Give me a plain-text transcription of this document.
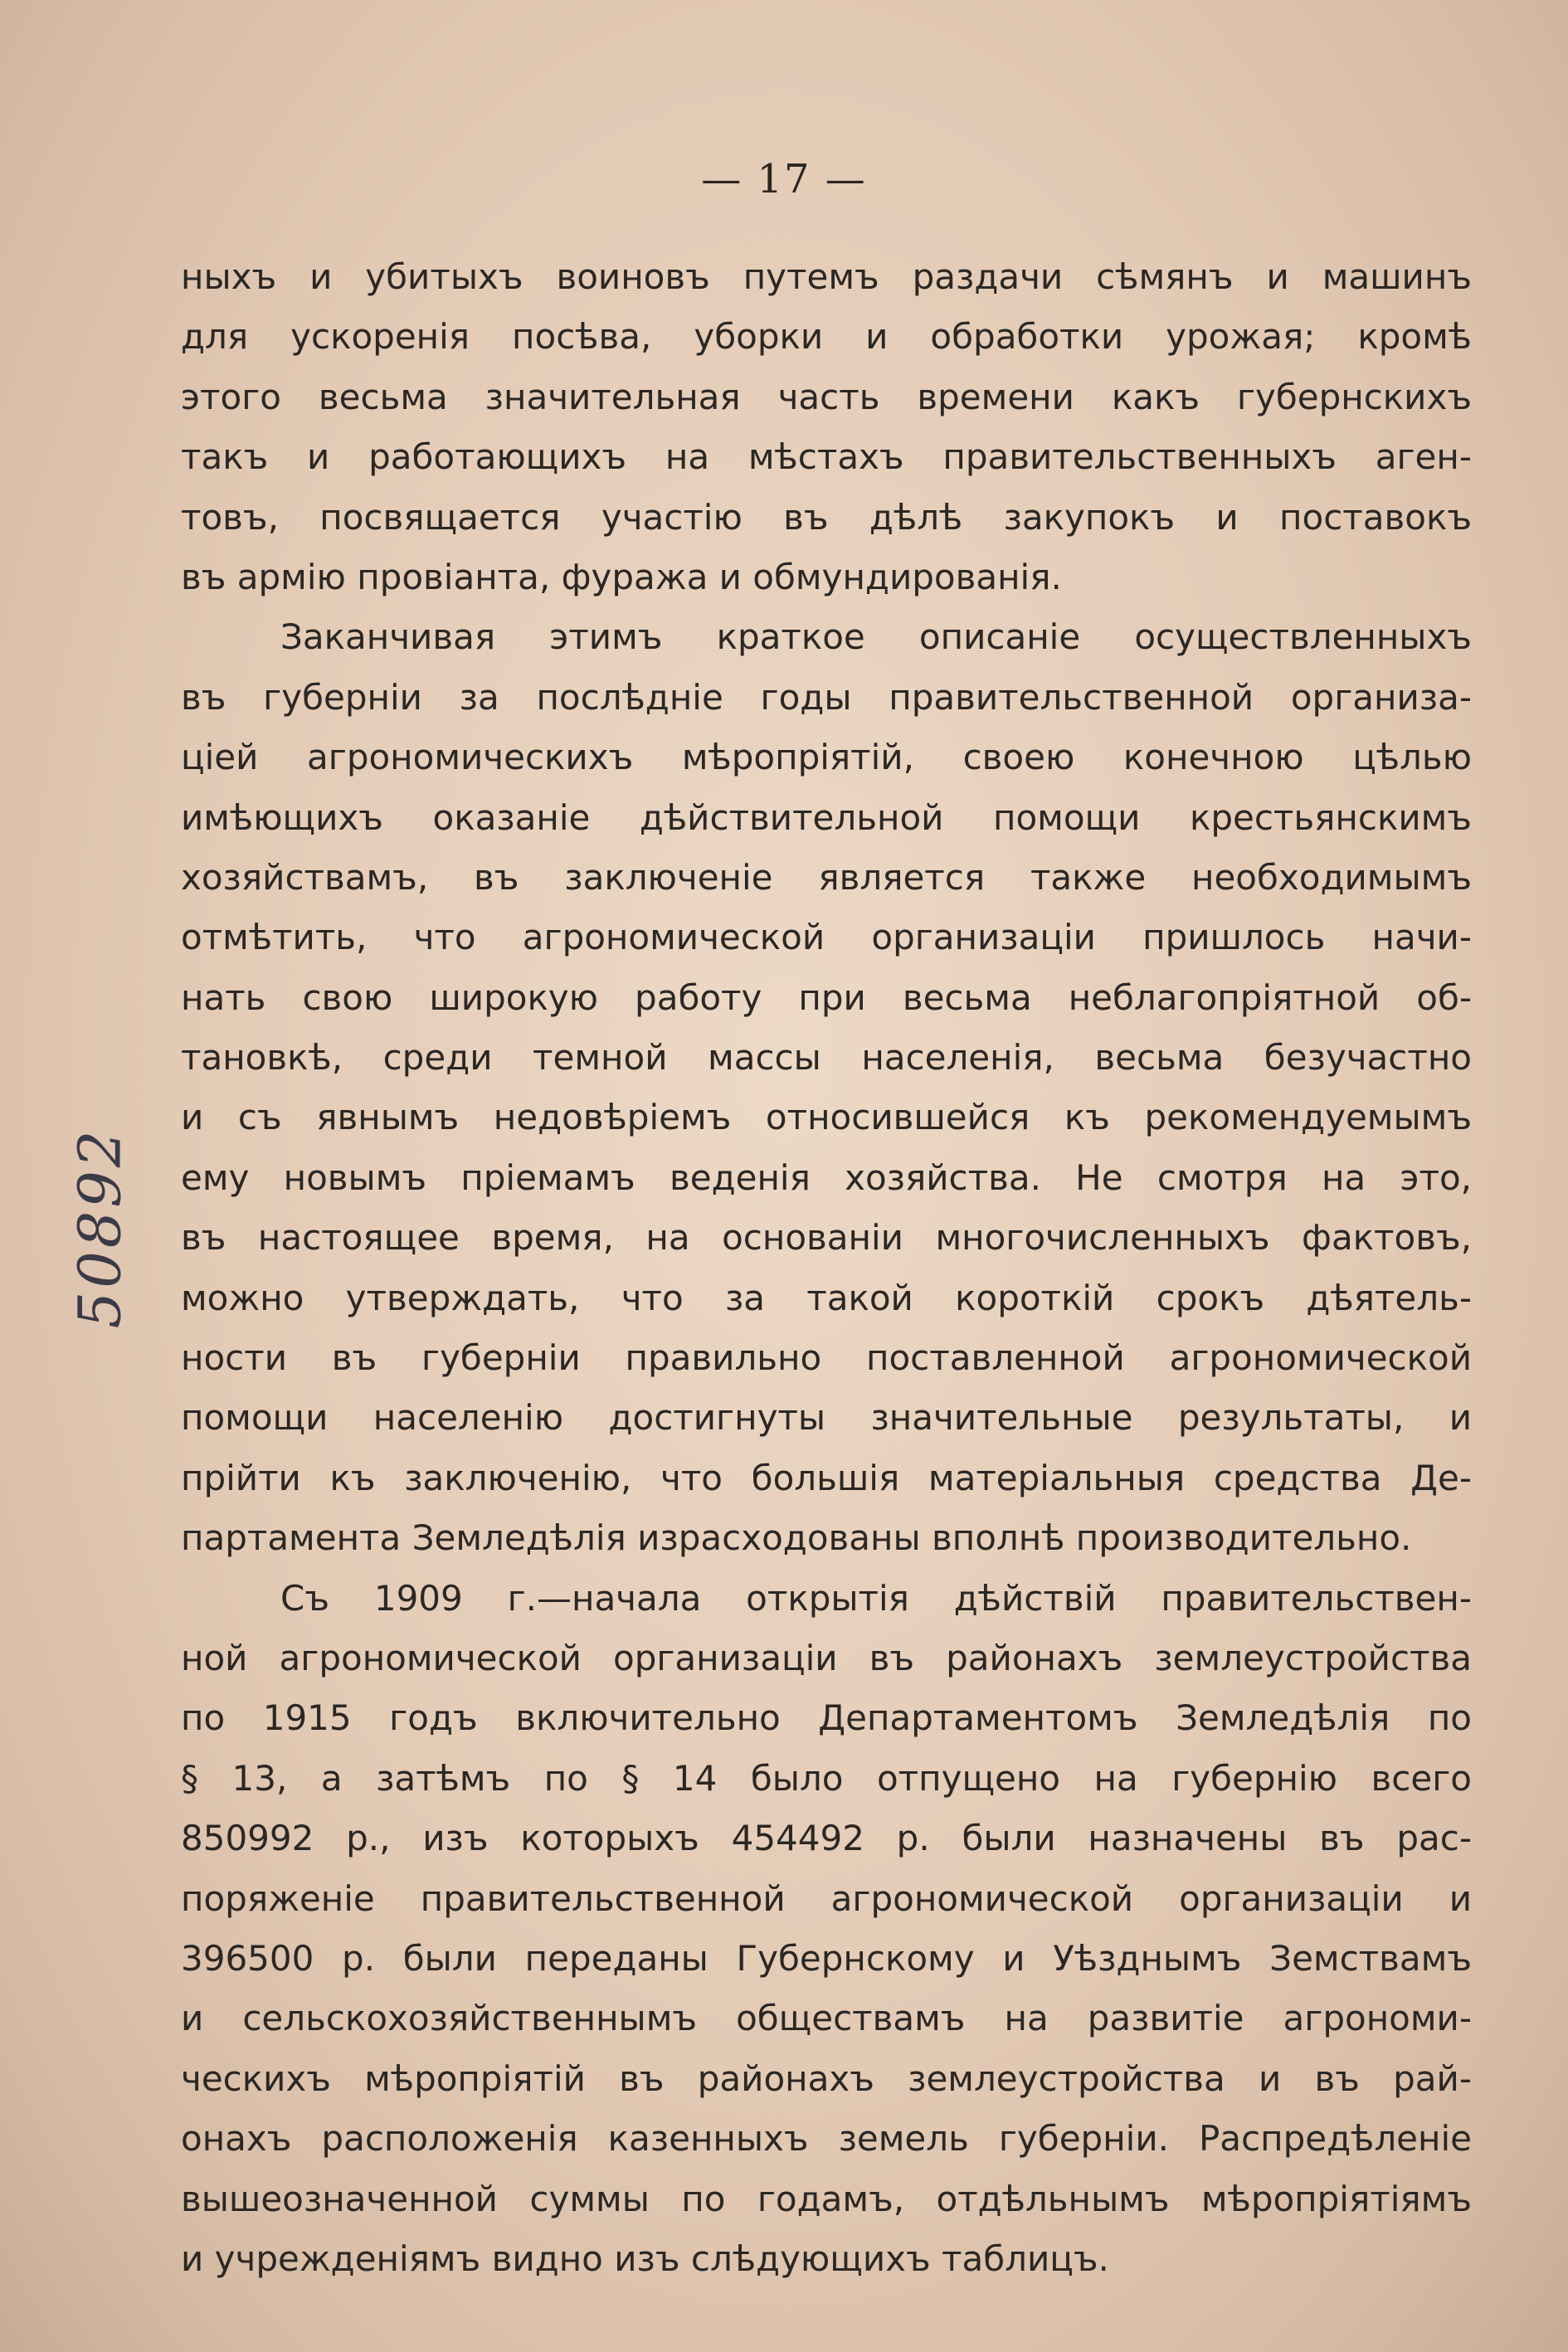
— 17 —
50892

ныхъ и убитыхъ воиновъ путемъ раздачи сѣмянъ и машинъ
для ускоренія посѣва, уборки и обработки урожая; кромѣ
этого весьма значительная часть времени какъ губернскихъ
такъ и работающихъ на мѣстахъ правительственныхъ аген-
товъ, посвящается участію въ дѣлѣ закупокъ и поставокъ
въ армію провіанта, фуража и обмундированія.

Заканчивая этимъ краткое описаніе осуществленныхъ
въ губерніи за послѣдніе годы правительственной организа-
ціей агрономическихъ мѣропріятій, своею конечною цѣлью
имѣющихъ оказаніе дѣйствительной помощи крестьянскимъ
хозяйствамъ, въ заключеніе является также необходимымъ
отмѣтить, что агрономической организаціи пришлось начи-
нать свою широкую работу при весьма неблагопріятной об-
тановкѣ, среди темной массы населенія, весьма безучастно
и съ явнымъ недовѣріемъ относившейся къ рекомендуемымъ
ему новымъ пріемамъ веденія хозяйства. Не смотря на это,
въ настоящее время, на основаніи многочисленныхъ фактовъ,
можно утверждать, что за такой короткій срокъ дѣятель-
ности въ губерніи правильно поставленной агрономической
помощи населенію достигнуты значительные результаты, и
прійти къ заключенію, что большія матеріальныя средства Де-
партамента Земледѣлія израсходованы вполнѣ производительно.

Съ 1909 г.—начала открытія дѣйствій правительствен-
ной агрономической организаціи въ районахъ землеустройства
по 1915 годъ включительно Департаментомъ Земледѣлія по
§ 13, а затѣмъ по § 14 было отпущено на губернію всего
850992 р., изъ которыхъ 454492 р. были назначены въ рас-
поряженіе правительственной агрономической организаціи и
396500 р. были переданы Губернскому и Уѣзднымъ Земствамъ
и сельскохозяйственнымъ обществамъ на развитіе агрономи-
ческихъ мѣропріятій въ районахъ землеустройства и въ рай-
онахъ расположенія казенныхъ земель губерніи. Распредѣленіе
вышеозначенной суммы по годамъ, отдѣльнымъ мѣропріятіямъ
и учрежденіямъ видно изъ слѣдующихъ таблицъ.
